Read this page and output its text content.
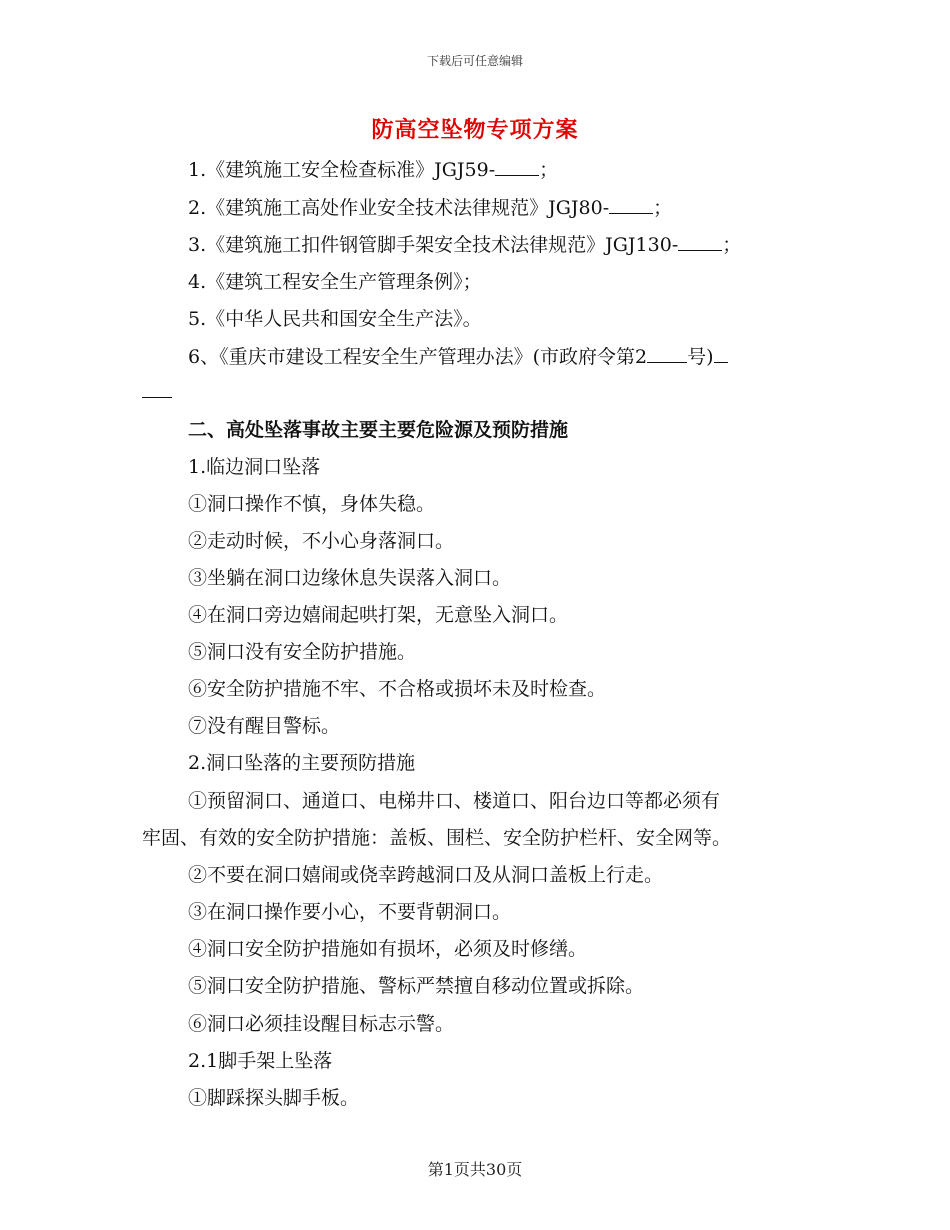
下载后可任意编辑
防高空坠物专项方案
1.《建筑施工安全检查标准》JGJ59- ；
2.《建筑施工高处作业安全技术法律规范》JGJ80- ；
3.《建筑施工扣件钢管脚手架安全技术法律规范》JGJ130- ；
4.《建筑工程安全生产管理条例》；
5.《中华人民共和国安全生产法》。
6、《重庆市建设工程安全生产管理办法》(市政府令第2 号)
二、高处坠落事故主要主要危险源及预防措施
1.临边洞口坠落
①洞口操作不慎，身体失稳。
②走动时候，不小心身落洞口。
③坐躺在洞口边缘休息失误落入洞口。
④在洞口旁边嬉闹起哄打架，无意坠入洞口。
⑤洞口没有安全防护措施。
⑥安全防护措施不牢、不合格或损坏未及时检查。
⑦没有醒目警标。
2.洞口坠落的主要预防措施
①预留洞口、通道口、电梯井口、楼道口、阳台边口等都必须有
牢固、有效的安全防护措施：盖板、围栏、安全防护栏杆、安全网等。
②不要在洞口嬉闹或侥幸跨越洞口及从洞口盖板上行走。
③在洞口操作要小心，不要背朝洞口。
④洞口安全防护措施如有损坏，必须及时修缮。
⑤洞口安全防护措施、警标严禁擅自移动位置或拆除。
⑥洞口必须挂设醒目标志示警。
2.1脚手架上坠落
①脚踩探头脚手板。
第1页共30页
